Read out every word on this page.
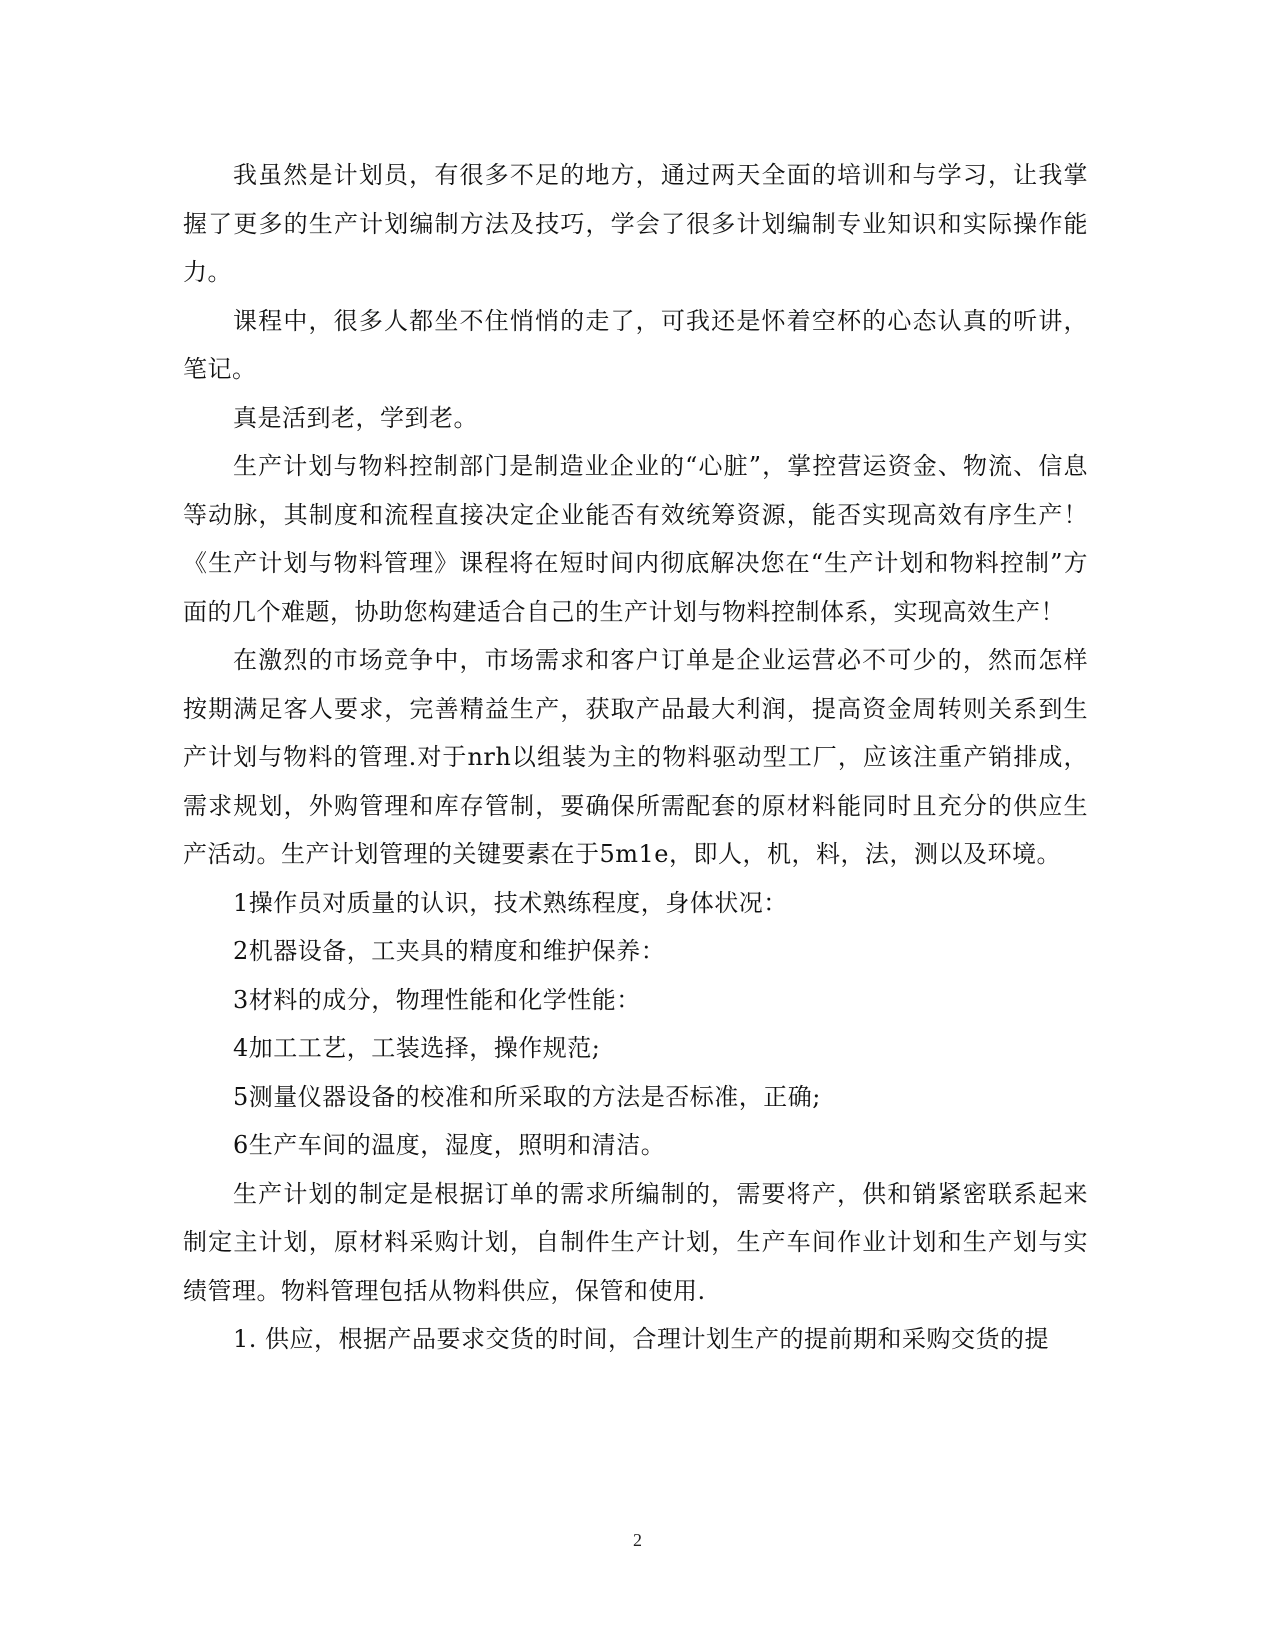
我虽然是计划员，有很多不足的地方，通过两天全面的培训和与学习，让我掌握了更多的生产计划编制方法及技巧，学会了很多计划编制专业知识和实际操作能力。

课程中，很多人都坐不住悄悄的走了，可我还是怀着空杯的心态认真的听讲，笔记。

真是活到老，学到老。

生产计划与物料控制部门是制造业企业的“心脏”，掌控营运资金、物流、信息等动脉，其制度和流程直接决定企业能否有效统筹资源，能否实现高效有序生产！《生产计划与物料管理》课程将在短时间内彻底解决您在“生产计划和物料控制”方面的几个难题，协助您构建适合自己的生产计划与物料控制体系，实现高效生产！

在激烈的市场竞争中，市场需求和客户订单是企业运营必不可少的，然而怎样按期满足客人要求，完善精益生产，获取产品最大利润，提高资金周转则关系到生产计划与物料的管理.对于nrh以组装为主的物料驱动型工厂，应该注重产销排成，需求规划，外购管理和库存管制，要确保所需配套的原材料能同时且充分的供应生产活动。生产计划管理的关键要素在于5m1e，即人，机，料，法，测以及环境。

1操作员对质量的认识，技术熟练程度，身体状况：

2机器设备，工夹具的精度和维护保养：

3材料的成分，物理性能和化学性能：

4加工工艺，工装选择，操作规范;

5测量仪器设备的校准和所采取的方法是否标准，正确;

6生产车间的温度，湿度，照明和清洁。

生产计划的制定是根据订单的需求所编制的，需要将产，供和销紧密联系起来制定主计划，原材料采购计划，自制件生产计划，生产车间作业计划和生产划与实绩管理。物料管理包括从物料供应，保管和使用.

1. 供应，根据产品要求交货的时间，合理计划生产的提前期和采购交货的提

2
